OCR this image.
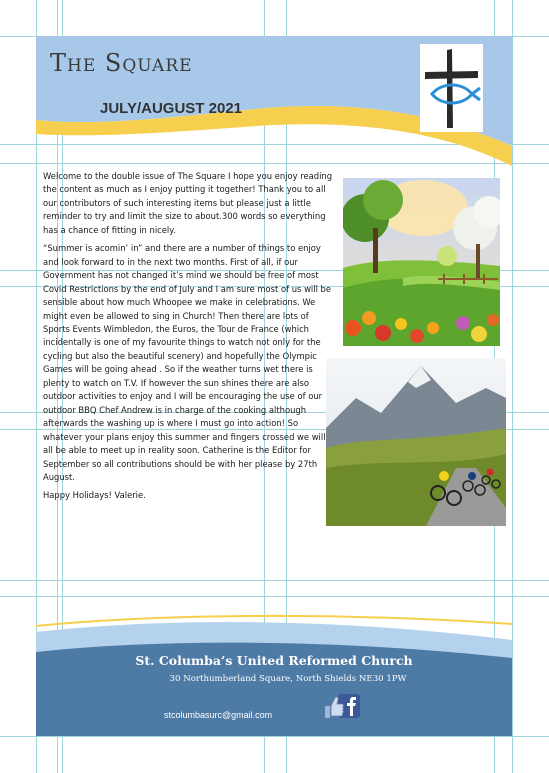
The Square
JULY/AUGUST 2021

Welcome to the double issue of The Square I hope you enjoy reading the content as much as I enjoy putting it together! Thank you to all our contributors of such interesting items but please just a little reminder to try and limit the size to about.300 words so everything has a chance of fitting in nicely.

“Summer is acomin’ in” and there are a number of things to enjoy and look forward to in the next two months. First of all, if our Government has not changed it’s mind we should be free of most Covid Restrictions by the end of July and I am sure most of us will be sensible about how much Whoopee we make in celebrations. We might even be allowed to sing in Church! Then there are lots of Sports Events Wimbledon, the Euros, the Tour de France (which incidentally is one of my favourite things to watch not only for the cycling but also the beautiful scenery) and hopefully the Olympic Games will be going ahead . So if the weather turns wet there is plenty to watch on T.V. If however the sun shines there are also outdoor activities to enjoy and I will be encouraging the use of our outdoor BBQ Chef Andrew is in charge of the cooking although afterwards the washing up is where I must go into action! So whatever your plans enjoy this summer and fingers crossed we will all be able to meet up in reality soon. Catherine is the Editor for September so all contributions should be with her please by 27th August.

Happy Holidays! Valerie.

St. Columba’s United Reformed Church
30 Northumberland Square, North Shields NE30 1PW
stcolumbasurc@gmail.com
